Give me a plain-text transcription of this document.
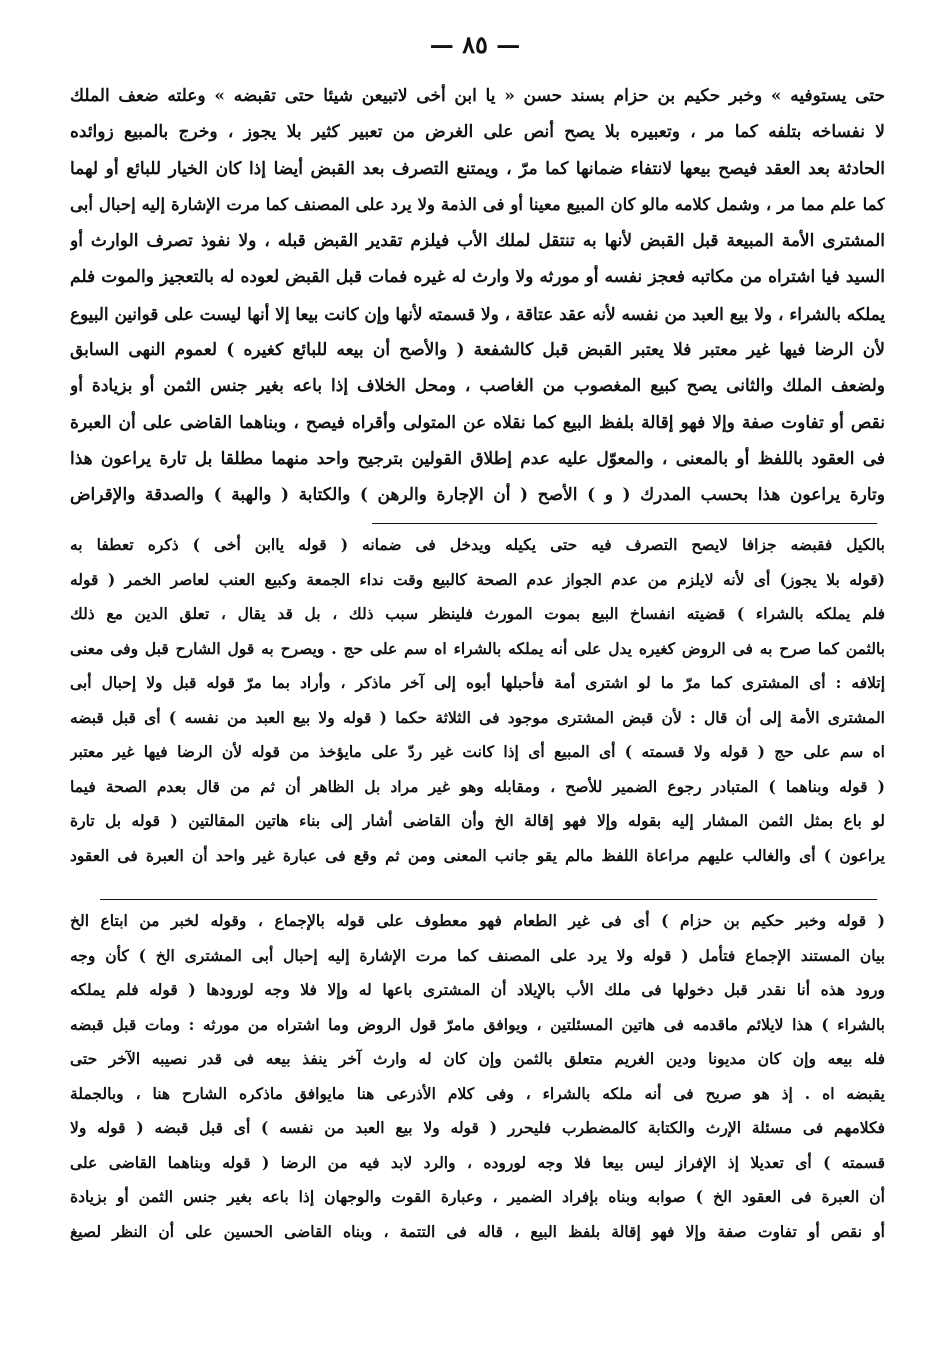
— ٨٥ —
حتى يستوفيه » وخبر حكيم بن حزام بسند حسن « يا ابن أخى لاتبيعن شيئا حتى تقبضه » وعلته ضعف الملك
لا نفساخه بتلفه كما مر ، وتعبيره بلا يصح أنص على الغرض من تعبير كثير بلا يجوز ، وخرج بالمبيع زوائده
الحادثة بعد العقد فيصح بيعها لانتفاء ضمانها كما مرّ ، ويمتنع التصرف بعد القبض أيضا إذا كان الخيار للبائع أو لهما
كما علم مما مر ، وشمل كلامه مالو كان المبيع معينا أو فى الذمة ولا يرد على المصنف كما مرت الإشارة إليه إحبال أبى
المشترى الأمة المبيعة قبل القبض لأنها به تنتقل لملك الأب فيلزم تقدير القبض قبله ، ولا نفوذ تصرف الوارث أو
السيد فيا اشتراه من مكاتبه فعجز نفسه أو مورثه ولا وارث له غيره فمات قبل القبض لعوده له بالتعجيز والموت فلم
يملكه بالشراء ، ولا بيع العبد من نفسه لأنه عقد عتاقة ، ولا قسمته لأنها وإن كانت بيعا إلا أنها ليست على قوانين البيوع
لأن الرضا فيها غير معتبر فلا يعتبر القبض قبل كالشفعة ( والأصح أن بيعه للبائع كغيره ) لعموم النهى السابق
ولضعف الملك والثانى يصح كبيع المغصوب من الغاصب ، ومحل الخلاف إذا باعه بغير جنس الثمن أو بزيادة أو
نقص أو تفاوت صفة وإلا فهو إقالة بلفظ البيع كما نقلاه عن المتولى وأقراه فيصح ، وبناهما القاضى على أن العبرة
فى العقود باللفظ أو بالمعنى ، والمعوّل عليه عدم إطلاق القولين بترجيح واحد منهما مطلقا بل تارة يراعون هذا
وتارة يراعون هذا بحسب المدرك ( و ) الأصح ( أن الإجارة والرهن ) والكتابة ( والهبة ) والصدقة والإقراض
بالكيل فقبضه جزافا لايصح التصرف فيه حتى يكيله ويدخل فى ضمانه ( قوله ياابن أخى ) ذكره تعطفا به
(قوله بلا يجوز) أى لأنه لايلزم من عدم الجواز عدم الصحة كالبيع وقت نداء الجمعة وكبيع العنب لعاصر الخمر ( قوله
فلم يملكه بالشراء ) قضيته انفساخ البيع بموت المورث فلينظر سبب ذلك ، بل قد يقال ، تعلق الدين مع ذلك
بالثمن كما صرح به فى الروض كغيره يدل على أنه يملكه بالشراء اه سم على حج . ويصرح به قول الشارح قبل وفى معنى
إتلافه : أى المشترى كما مرّ ما لو اشترى أمة فأحبلها أبوه إلى آخر ماذكر ، وأراد بما مرّ قوله قبل ولا إحبال أبى
المشترى الأمة إلى أن قال : لأن قبض المشترى موجود فى الثلاثة حكما ( قوله ولا بيع العبد من نفسه ) أى قبل قبضه
اه سم على حج ( قوله ولا قسمته ) أى المبيع أى إذا كانت غير ردّ على مايؤخذ من قوله لأن الرضا فيها غير معتبر
( قوله وبناهما ) المتبادر رجوع الضمير للأصح ، ومقابله وهو غير مراد بل الظاهر أن ثم من قال بعدم الصحة فيما
لو باع بمثل الثمن المشار إليه بقوله وإلا فهو إقالة الخ وأن القاضى أشار إلى بناء هاتين المقالتين ( قوله بل تارة
يراعون ) أى والغالب عليهم مراعاة اللفظ مالم يقو جانب المعنى ومن ثم وقع فى عبارة غير واحد أن العبرة فى العقود
( قوله وخبر حكيم بن حزام ) أى فى غير الطعام فهو معطوف على قوله بالإجماع ، وقوله لخبر من ابتاع الخ
بيان المستند الإجماع فتأمل ( قوله ولا يرد على المصنف كما مرت الإشارة إليه إحبال أبى المشترى الخ ) كأن وجه
ورود هذه أنا نقدر قبل دخولها فى ملك الأب بالإيلاد أن المشترى باعها له وإلا فلا وجه لورودها ( قوله فلم يملكه
بالشراء ) هذا لايلائم ماقدمه فى هاتين المسئلتين ، ويوافق مامرّ قول الروض وما اشتراه من مورثه : ومات قبل قبضه
فله بيعه وإن كان مديونا ودين الغريم متعلق بالثمن وإن كان له وارث آخر ينفذ بيعه فى قدر نصيبه الآخر حتى
يقبضه اه . إذ هو صريح فى أنه ملكه بالشراء ، وفى كلام الأذرعى هنا مايوافق ماذكره الشارح هنا ، وبالجملة
فكلامهم فى مسئلة الإرث والكتابة كالمضطرب فليحرر ( قوله ولا بيع العبد من نفسه ) أى قبل قبضه ( قوله ولا
قسمته ) أى تعديلا إذ الإفراز ليس بيعا فلا وجه لوروده ، والرد لابد فيه من الرضا ( قوله وبناهما القاضى على
أن العبرة فى العقود الخ ) صوابه وبناه بإفراد الضمير ، وعبارة القوت والوجهان إذا باعه بغير جنس الثمن أو بزيادة
أو نقص أو تفاوت صفة وإلا فهو إقالة بلفظ البيع ، قاله فى التتمة ، وبناه القاضى الحسين على أن النظر لصيغ
